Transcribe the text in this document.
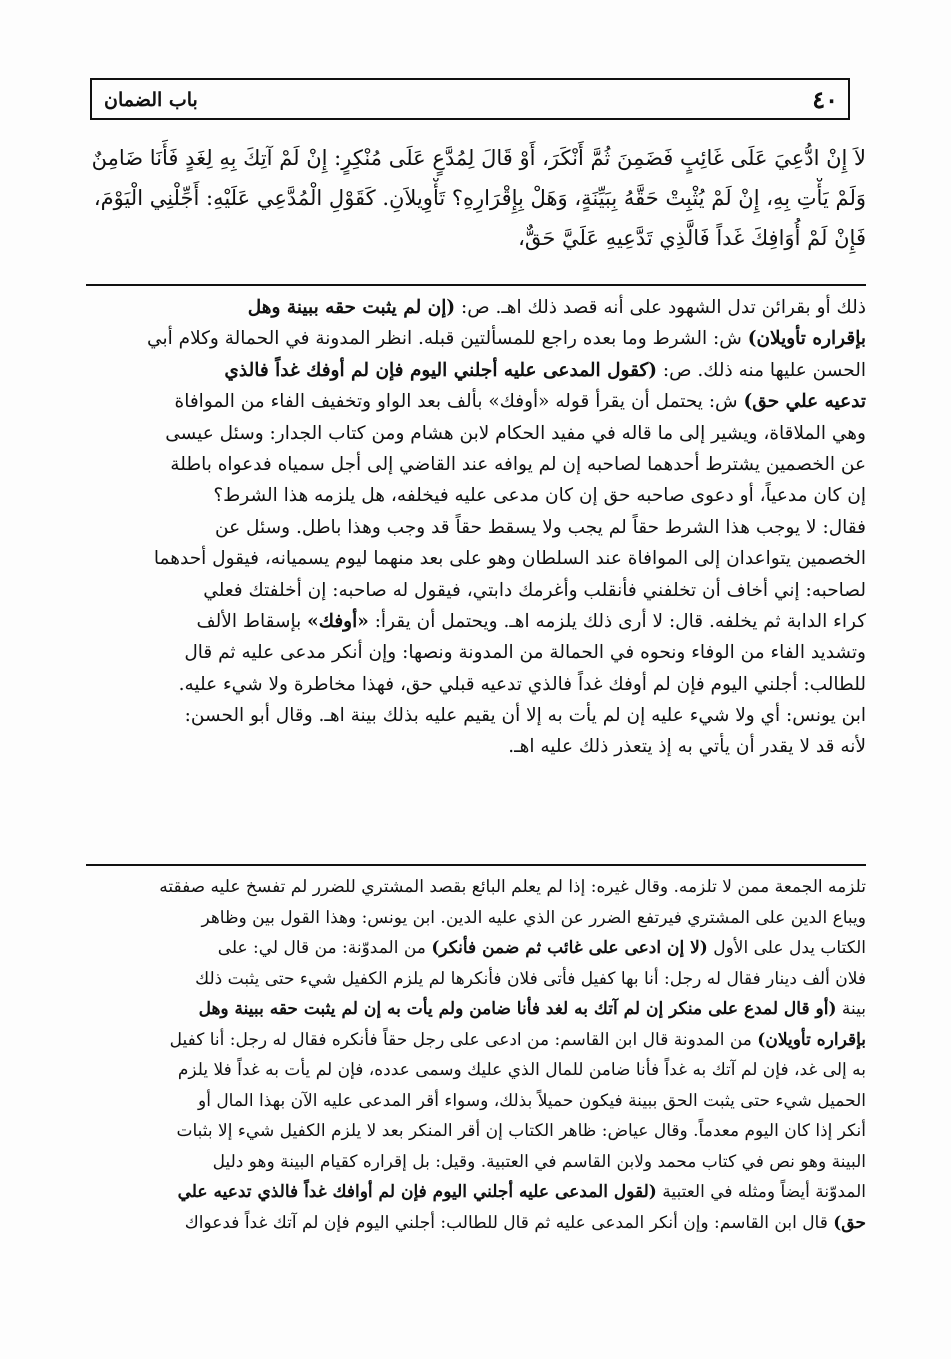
٤٠
باب الضمان

لاَ إِنْ ادُّعِيَ عَلَى غَائِبٍ فَضَمِنَ ثُمَّ أَنْكَرَ، أَوْ قَالَ لِمُدَّعٍ عَلَى مُنْكِرٍ: إِنْ لَمْ آتِكَ بِهِ لِغَدٍ فَأَنَا ضَامِنٌ

وَلَمْ يَأْتِ بِهِ، إِنْ لَمْ يُثْبِتْ حَقَّهُ بِبَيِّنَةٍ، وَهَلْ بِإِقْرَارِهِ؟ تَأْوِيلاَنِ. كَقَوْلِ الْمُدَّعِي عَلَيْهِ: أَجِّلْنِي الْيَوْمَ،

فَإِنْ لَمْ أُوَافِكَ غَداً فَالَّذِي تَدَّعِيهِ عَلَيَّ حَقٌّ،

ذلك أو بقرائن تدل الشهود على أنه قصد ذلك اهـ. ص: (إن لم يثبت حقه ببينة وهل

بإقراره تأويلان) ش: الشرط وما بعده راجع للمسألتين قبله. انظر المدونة في الحمالة وكلام أبي

الحسن عليها منه ذلك. ص: (كقول المدعى عليه أجلني اليوم فإن لم أوفك غداً فالذي

تدعيه علي حق) ش: يحتمل أن يقرأ قوله «أوفك» بألف بعد الواو وتخفيف الفاء من الموافاة

وهي الملاقاة، ويشير إلى ما قاله في مفيد الحكام لابن هشام ومن كتاب الجدار: وسئل عيسى

عن الخصمين يشترط أحدهما لصاحبه إن لم يوافه عند القاضي إلى أجل سمياه فدعواه باطلة

إن كان مدعياً، أو دعوى صاحبه حق إن كان مدعى عليه فيخلفه، هل يلزمه هذا الشرط؟

فقال: لا يوجب هذا الشرط حقاً لم يجب ولا يسقط حقاً قد وجب وهذا باطل. وسئل عن

الخصمين يتواعدان إلى الموافاة عند السلطان وهو على بعد منهما ليوم يسميانه، فيقول أحدهما

لصاحبه: إني أخاف أن تخلفني فأنقلب وأغرمك دابتي، فيقول له صاحبه: إن أخلفتك فعلي

كراء الدابة ثم يخلفه. قال: لا أرى ذلك يلزمه اهـ. ويحتمل أن يقرأ: «أوفك» بإسقاط الألف

وتشديد الفاء من الوفاء ونحوه في الحمالة من المدونة ونصها: وإن أنكر مدعى عليه ثم قال

للطالب: أجلني اليوم فإن لم أوفك غداً فالذي تدعيه قبلي حق، فهذا مخاطرة ولا شيء عليه.

ابن يونس: أي ولا شيء عليه إن لم يأت به إلا أن يقيم عليه بذلك بينة اهـ. وقال أبو الحسن:

لأنه قد لا يقدر أن يأتي به إذ يتعذر ذلك عليه اهـ.

تلزمه الجمعة ممن لا تلزمه. وقال غيره: إذا لم يعلم البائع بقصد المشتري للضرر لم تفسخ عليه صفقته

ويباع الدين على المشتري فيرتفع الضرر عن الذي عليه الدين. ابن يونس: وهذا القول بين وظاهر

الكتاب يدل على الأول (لا إن ادعى على غائب ثم ضمن فأنكر) من المدوّنة: من قال لي: على

فلان ألف دينار فقال له رجل: أنا بها كفيل فأتى فلان فأنكرها لم يلزم الكفيل شيء حتى يثبت ذلك

بينة (أو قال لمدع على منكر إن لم آتك به لغد فأنا ضامن ولم يأت به إن لم يثبت حقه ببينة وهل

بإقراره تأويلان) من المدونة قال ابن القاسم: من ادعى على رجل حقاً فأنكره فقال له رجل: أنا كفيل

به إلى غد، فإن لم آتك به غداً فأنا ضامن للمال الذي عليك وسمى عدده، فإن لم يأت به غداً فلا يلزم

الحميل شيء حتى يثبت الحق ببينة فيكون حميلاً بذلك، وسواء أقر المدعى عليه الآن بهذا المال أو

أنكر إذا كان اليوم معدماً. وقال عياض: ظاهر الكتاب إن أقر المنكر بعد لا يلزم الكفيل شيء إلا بثبات

البينة وهو نص في كتاب محمد ولابن القاسم في العتبية. وقيل: بل إقراره كقيام البينة وهو دليل

المدوّنة أيضاً ومثله في العتبية (لقول المدعى عليه أجلني اليوم فإن لم أوافك غداً فالذي تدعيه علي

حق) قال ابن القاسم: وإن أنكر المدعى عليه ثم قال للطالب: أجلني اليوم فإن لم آتك غداً فدعواك
